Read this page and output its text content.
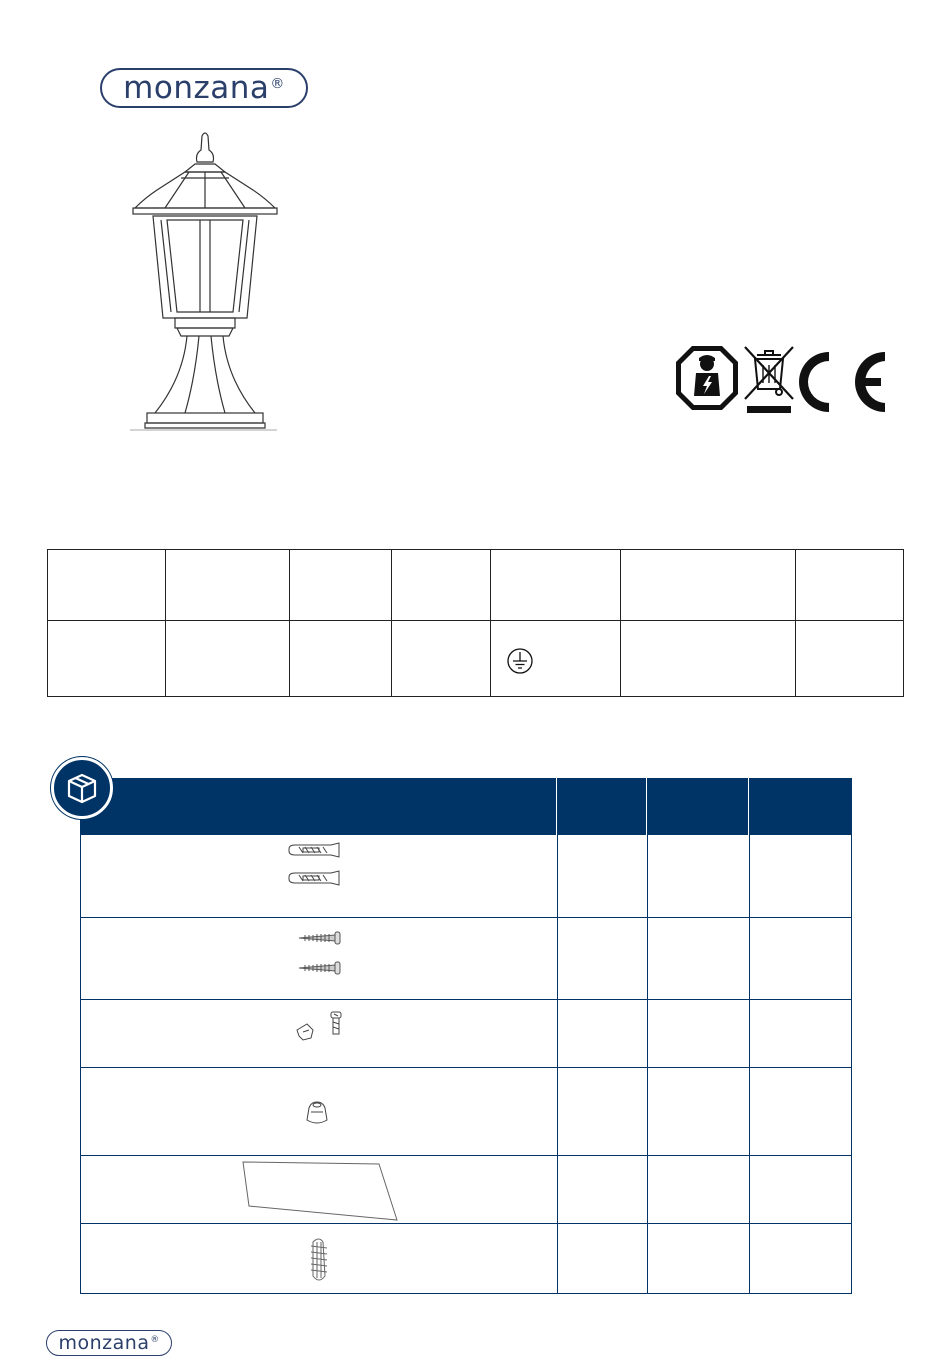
monzana®

monzana®
